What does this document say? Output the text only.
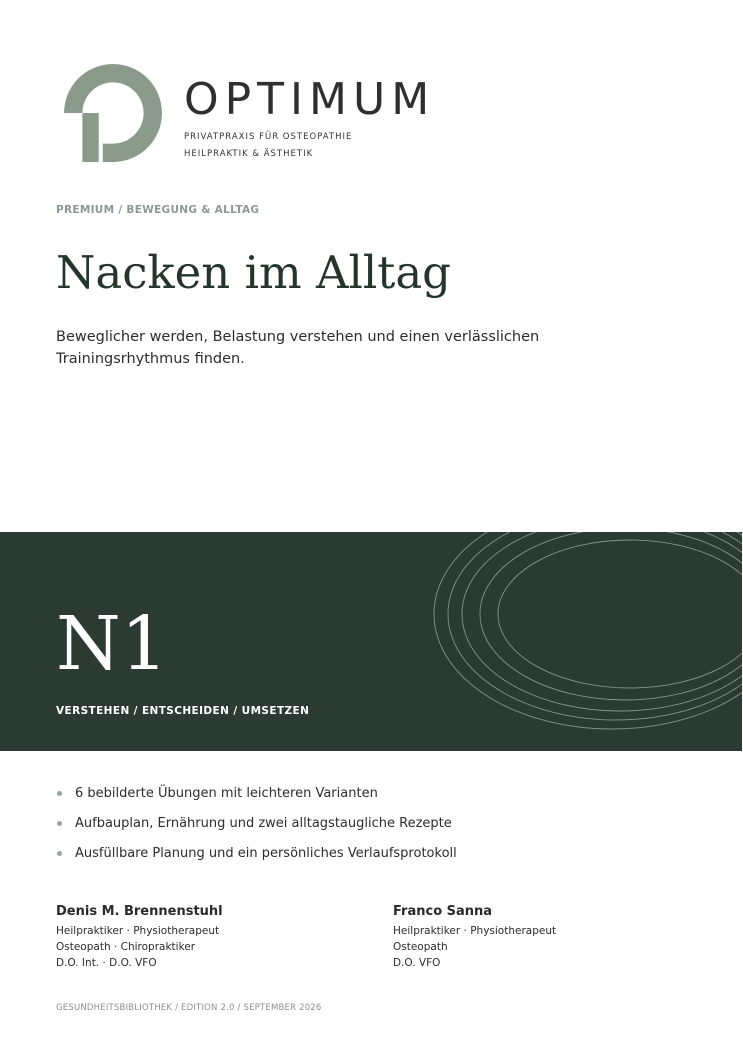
OPTIMUM
PRIVATPRAXIS FÜR OSTEOPATHIE
HEILPRAKTIK & ÄSTHETIK
PREMIUM / BEWEGUNG & ALLTAG
Nacken im Alltag

Beweglicher werden, Belastung verstehen und einen verlässlichen Trainingsrhythmus finden.

N1
VERSTEHEN / ENTSCHEIDEN / UMSETZEN
6 bebilderte Übungen mit leichteren Varianten
Aufbauplan, Ernährung und zwei alltagstaugliche Rezepte
Ausfüllbare Planung und ein persönliches Verlaufsprotokoll
Denis M. Brennenstuhl
Heilpraktiker · Physiotherapeut
Osteopath · Chiropraktiker
D.O. Int. · D.O. VFO
Franco Sanna
Heilpraktiker · Physiotherapeut
Osteopath
D.O. VFO
GESUNDHEITSBIBLIOTHEK / EDITION 2.0 / SEPTEMBER 2026
